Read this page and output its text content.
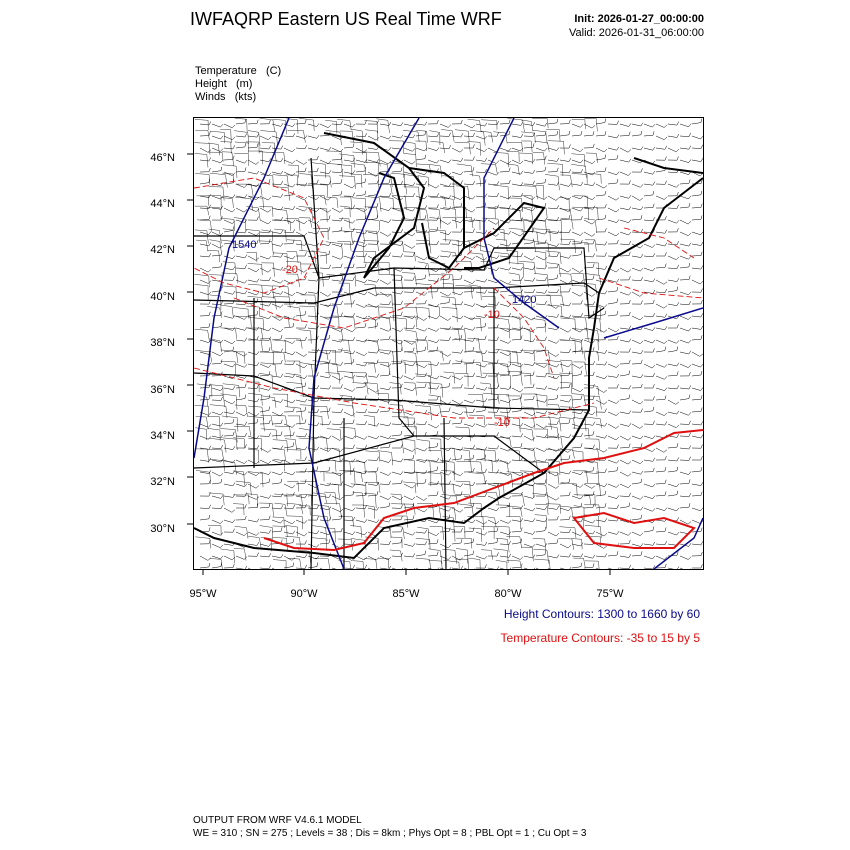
IWFAQRP Eastern US Real Time WRF	Init: 2026-01-27_00:00:00
Valid: 2026-01-31_06:00:00
Temperature (C)
Height (m)
Winds (kts)
1540
1420
-20
-10
-10
46°N
44°N
42°N
40°N
38°N
36°N
34°N
32°N
30°N
95°W	90°W	85°W	80°W	75°W
Height Contours: 1300 to 1660 by 60
Temperature Contours: -35 to 15 by 5
OUTPUT FROM WRF V4.6.1 MODEL
WE = 310 ; SN = 275 ; Levels = 38 ; Dis = 8km ; Phys Opt = 8 ; PBL Opt = 1 ; Cu Opt = 3
